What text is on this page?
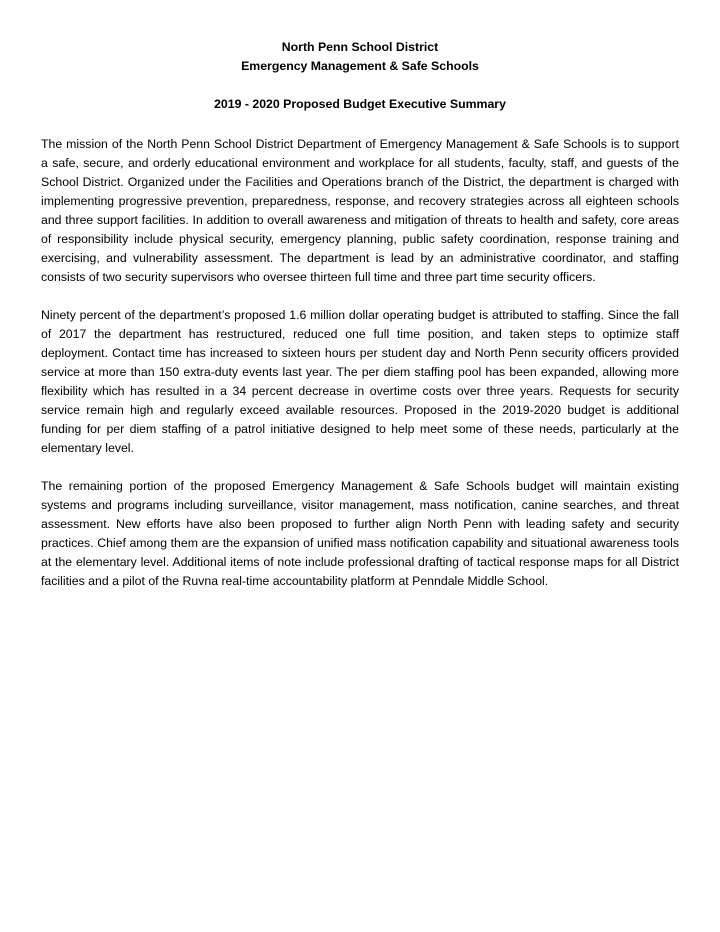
North Penn School District

Emergency Management & Safe Schools

2019 - 2020 Proposed Budget Executive Summary

The mission of the North Penn School District Department of Emergency Management & Safe Schools is to support a safe, secure, and orderly educational environment and workplace for all students, faculty, staff, and guests of the School District. Organized under the Facilities and Operations branch of the District, the department is charged with implementing progressive prevention, preparedness, response, and recovery strategies across all eighteen schools and three support facilities. In addition to overall awareness and mitigation of threats to health and safety, core areas of responsibility include physical security, emergency planning, public safety coordination, response training and exercising, and vulnerability assessment. The department is lead by an administrative coordinator, and staffing consists of two security supervisors who oversee thirteen full time and three part time security officers.

Ninety percent of the department’s proposed 1.6 million dollar operating budget is attributed to staffing. Since the fall of 2017 the department has restructured, reduced one full time position, and taken steps to optimize staff deployment. Contact time has increased to sixteen hours per student day and North Penn security officers provided service at more than 150 extra-duty events last year. The per diem staffing pool has been expanded, allowing more flexibility which has resulted in a 34 percent decrease in overtime costs over three years. Requests for security service remain high and regularly exceed available resources. Proposed in the 2019-2020 budget is additional funding for per diem staffing of a patrol initiative designed to help meet some of these needs, particularly at the elementary level.

The remaining portion of the proposed Emergency Management & Safe Schools budget will maintain existing systems and programs including surveillance, visitor management, mass notification, canine searches, and threat assessment. New efforts have also been proposed to further align North Penn with leading safety and security practices. Chief among them are the expansion of unified mass notification capability and situational awareness tools at the elementary level. Additional items of note include professional drafting of tactical response maps for all District facilities and a pilot of the Ruvna real-time accountability platform at Penndale Middle School.
